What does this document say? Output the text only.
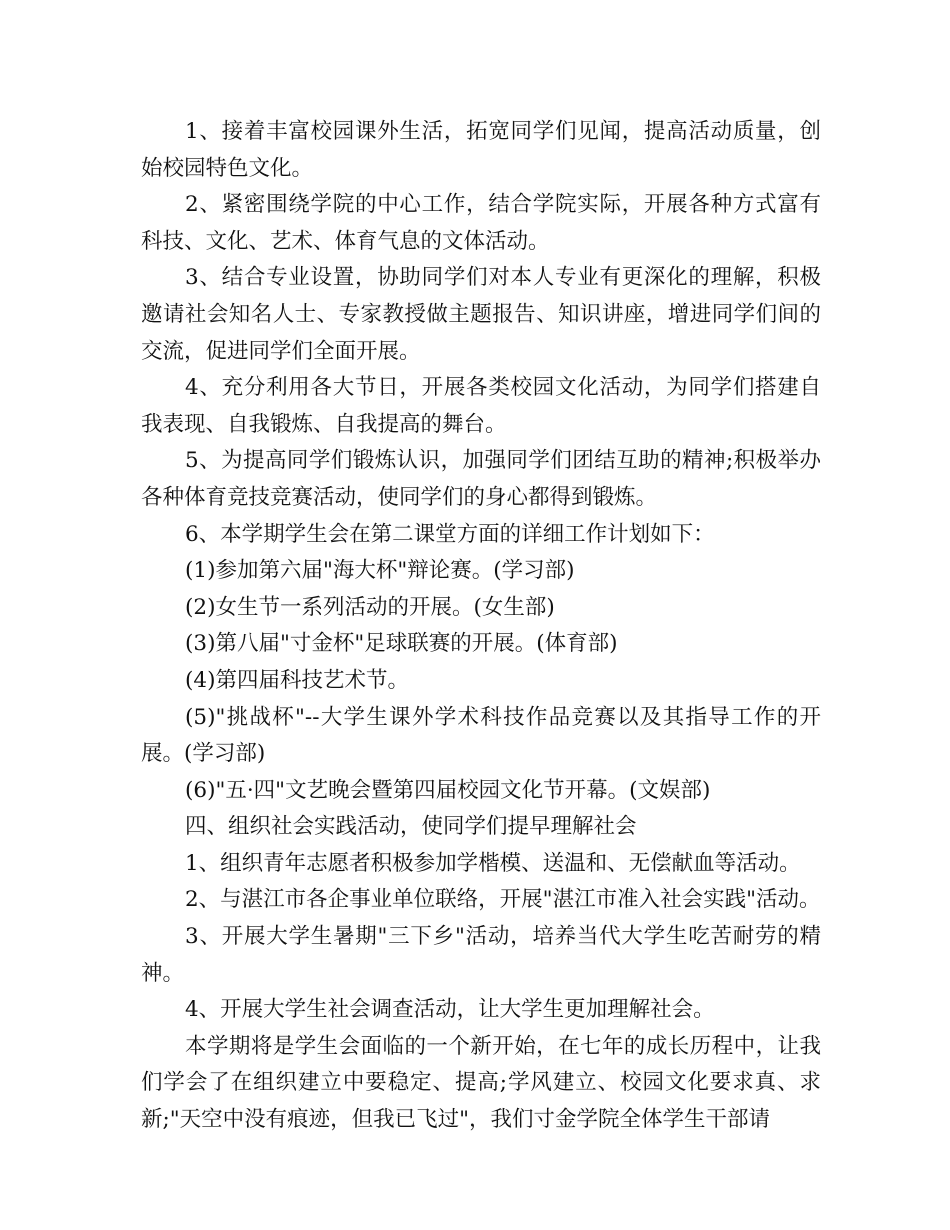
1、接着丰富校园课外生活，拓宽同学们见闻，提高活动质量，创始校园特色文化。

2、紧密围绕学院的中心工作，结合学院实际，开展各种方式富有科技、文化、艺术、体育气息的文体活动。

3、结合专业设置，协助同学们对本人专业有更深化的理解，积极邀请社会知名人士、专家教授做主题报告、知识讲座，增进同学们间的交流，促进同学们全面开展。

4、充分利用各大节日，开展各类校园文化活动，为同学们搭建自我表现、自我锻炼、自我提高的舞台。

5、为提高同学们锻炼认识，加强同学们团结互助的精神;积极举办各种体育竞技竞赛活动，使同学们的身心都得到锻炼。

6、本学期学生会在第二课堂方面的详细工作计划如下：

(1)参加第六届"海大杯"辩论赛。(学习部)

(2)女生节一系列活动的开展。(女生部)

(3)第八届"寸金杯"足球联赛的开展。(体育部)

(4)第四届科技艺术节。

(5)"挑战杯"--大学生课外学术科技作品竞赛以及其指导工作的开展。(学习部)

(6)"五·四"文艺晚会暨第四届校园文化节开幕。(文娱部)

四、组织社会实践活动，使同学们提早理解社会

1、组织青年志愿者积极参加学楷模、送温和、无偿献血等活动。

2、与湛江市各企事业单位联络，开展"湛江市准入社会实践"活动。

3、开展大学生暑期"三下乡"活动，培养当代大学生吃苦耐劳的精神。

4、开展大学生社会调查活动，让大学生更加理解社会。

本学期将是学生会面临的一个新开始，在七年的成长历程中，让我们学会了在组织建立中要稳定、提高;学风建立、校园文化要求真、求新;"天空中没有痕迹，但我已飞过"，我们寸金学院全体学生干部请
